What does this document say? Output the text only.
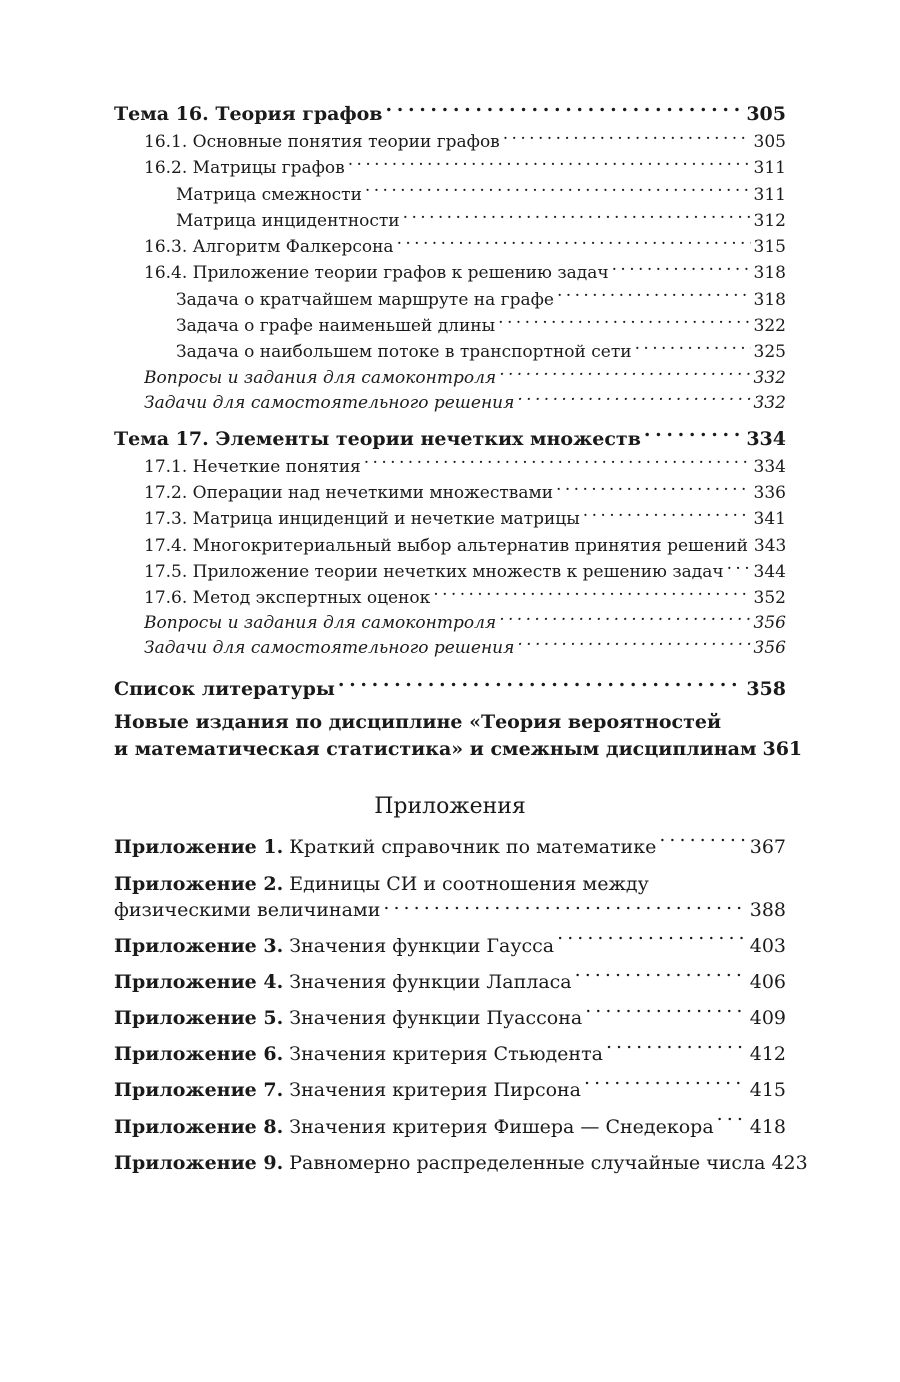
Тема 16. Теория графов . . .	305
16.1. Основные понятия теории графов . . .	305
16.2. Матрицы графов . . .	311
Матрица смежности . . .	311
Матрица инцидентности . . .	312
16.3. Алгоритм Фалкерсона . . .	315
16.4. Приложение теории графов к решению задач . . .	318
Задача о кратчайшем маршруте на графе . . .	318
Задача о графе наименьшей длины . . .	322
Задача о наибольшем потоке в транспортной сети . . .	325
Вопросы и задания для самоконтроля . . .	332
Задачи для самостоятельного решения . . .	332
Тема 17. Элементы теории нечетких множеств . . .	334
17.1. Нечеткие понятия . . .	334
17.2. Операции над нечеткими множествами . . .	336
17.3. Матрица инциденций и нечеткие матрицы . . .	341
17.4. Многокритериальный выбор альтернатив принятия решений 343
17.5. Приложение теории нечетких множеств к решению задач . . . 344
17.6. Метод экспертных оценок . . .	352
Вопросы и задания для самоконтроля . . .	356
Задачи для самостоятельного решения . . .	356
Список литературы . . .	358
Новые издания по дисциплине «Теория вероятностей
и математическая статистика» и смежным дисциплинам 361
Приложения
Приложение 1. Краткий справочник по математике . . .	367
Приложение 2. Единицы СИ и соотношения между
физическими величинами . . .	388
Приложение 3. Значения функции Гаусса . . .	403
Приложение 4. Значения функции Лапласа . . .	406
Приложение 5. Значения функции Пуассона . . .	409
Приложение 6. Значения критерия Стьюдента . . .	412
Приложение 7. Значения критерия Пирсона . . .	415
Приложение 8. Значения критерия Фишера — Снедекора . . . 418
Приложение 9. Равномерно распределенные случайные числа 423
